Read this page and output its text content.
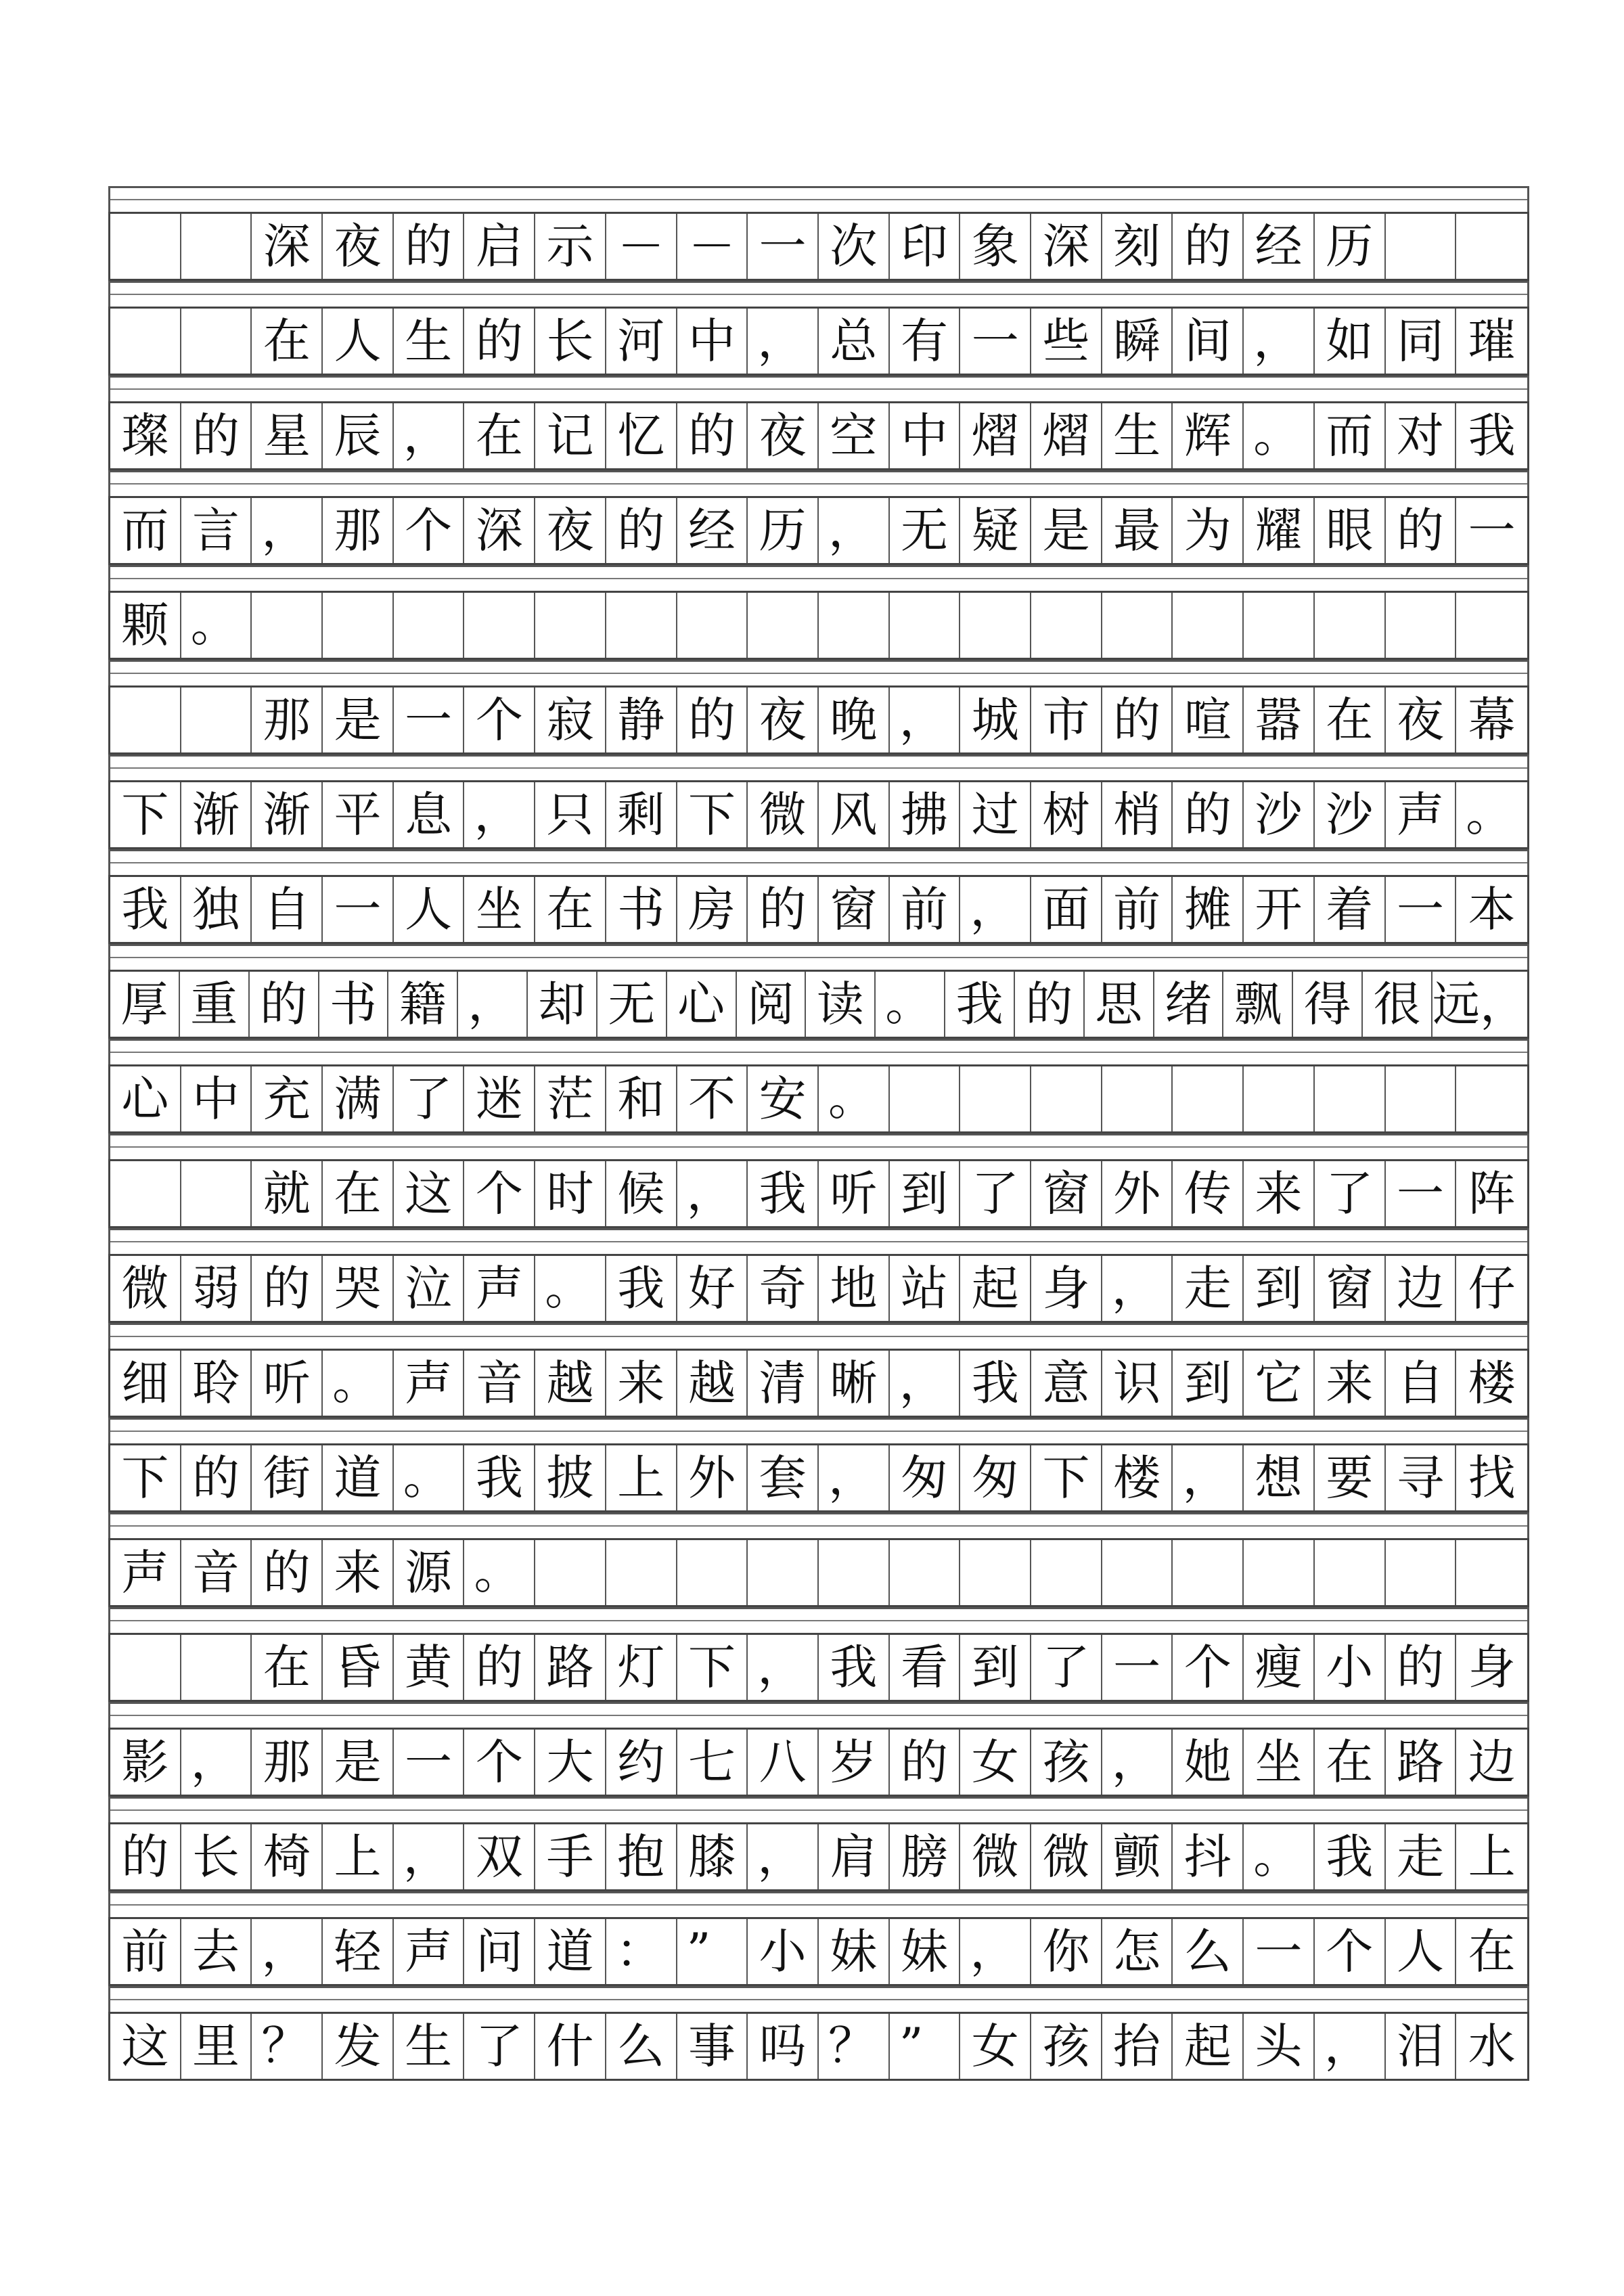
深 夜 的 启 示 － － 一 次 印 象 深 刻 的 经 历
在 人 生 的 长 河 中 ， 总 有 一 些 瞬 间 ， 如 同 璀
璨 的 星 辰 ， 在 记 忆 的 夜 空 中 熠 熠 生 辉 。 而 对 我
而 言 ， 那 个 深 夜 的 经 历 ， 无 疑 是 最 为 耀 眼 的 一
颗 。
那 是 一 个 寂 静 的 夜 晚 ， 城 市 的 喧 嚣 在 夜 幕
下 渐 渐 平 息 ， 只 剩 下 微 风 拂 过 树 梢 的 沙 沙 声 。
我 独 自 一 人 坐 在 书 房 的 窗 前 ， 面 前 摊 开 着 一 本
厚 重 的 书 籍 ， 却 无 心 阅 读 。 我 的 思 绪 飘 得 很 远，
心 中 充 满 了 迷 茫 和 不 安 。
就 在 这 个 时 候 ， 我 听 到 了 窗 外 传 来 了 一 阵
微 弱 的 哭 泣 声 。 我 好 奇 地 站 起 身 ， 走 到 窗 边 仔
细 聆 听 。 声 音 越 来 越 清 晰 ， 我 意 识 到 它 来 自 楼
下 的 街 道 。 我 披 上 外 套 ， 匆 匆 下 楼 ， 想 要 寻 找
声 音 的 来 源 。
在 昏 黄 的 路 灯 下 ， 我 看 到 了 一 个 瘦 小 的 身
影 ， 那 是 一 个 大 约 七 八 岁 的 女 孩 ， 她 坐 在 路 边
的 长 椅 上 ， 双 手 抱 膝 ， 肩 膀 微 微 颤 抖 。 我 走 上
前 去 ， 轻 声 问 道 ： ”	小 妹 妹 ， 你 怎 么 一 个 人 在
这 里 ？ 发 生 了 什 么 事 吗 ？ ”	女 孩 抬 起 头 ， 泪 水
